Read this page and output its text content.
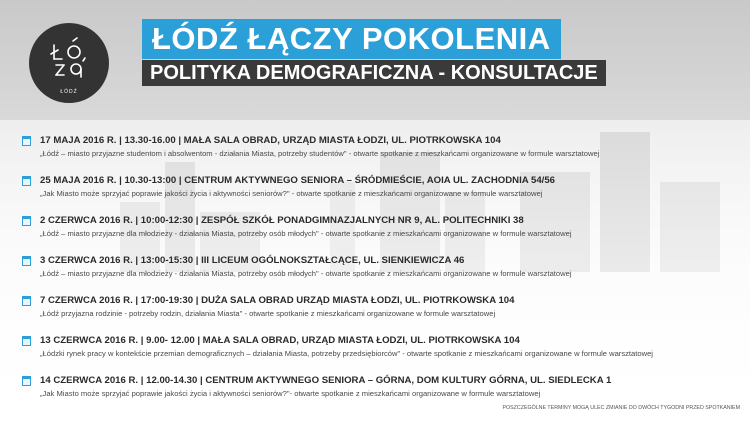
ŁÓDŹ
ŁÓDŹ ŁĄCZY POKOLENIA
POLITYKA DEMOGRAFICZNA - KONSULTACJE
17 MAJA 2016 R. | 13.30-16.00 | MAŁA SALA OBRAD, URZĄD MIASTA ŁODZI, UL. PIOTRKOWSKA 104
„Łódź – miasto przyjazne studentom i absolwentom - działania Miasta, potrzeby studentów" - otwarte spotkanie z mieszkańcami organizowane w formule warsztatowej
25 MAJA 2016 R. | 10.30-13:00 | CENTRUM AKTYWNEGO SENIORA – ŚRÓDMIEŚCIE, AOIA UL. ZACHODNIA 54/56
„Jak Miasto może sprzyjać poprawie jakości życia i aktywności seniorów?" - otwarte spotkanie z mieszkańcami organizowane w formule warsztatowej
2 CZERWCA 2016 R. | 10:00-12:30 | ZESPÓŁ SZKÓŁ PONADGIMNAZJALNYCH NR 9, AL. POLITECHNIKI 38
„Łódź – miasto przyjazne dla młodzieży - działania Miasta, potrzeby osób młodych" - otwarte spotkanie z mieszkańcami organizowane w formule warsztatowej
3 CZERWCA 2016 R. | 13:00-15:30 | III LICEUM OGÓLNOKSZTAŁCĄCE, UL. SIENKIEWICZA 46
„Łódź – miasto przyjazne dla młodzieży - działania Miasta, potrzeby osób młodych" - otwarte spotkanie z mieszkańcami organizowane w formule warsztatowej
7 CZERWCA 2016 R. | 17:00-19:30 | DUŻA SALA OBRAD URZĄD MIASTA ŁODZI, UL. PIOTRKOWSKA 104
„Łódź przyjazna rodzinie - potrzeby rodzin, działania Miasta" - otwarte spotkanie z mieszkańcami organizowane w formule warsztatowej
13 CZERWCA 2016 R. | 9.00- 12.00 | MAŁA SALA OBRAD, URZĄD MIASTA ŁODZI, UL. PIOTRKOWSKA 104
„Łódzki rynek pracy w kontekście przemian demograficznych – działania Miasta, potrzeby przedsiębiorców" - otwarte spotkanie z mieszkańcami organizowane w formule warsztatowej
14 CZERWCA 2016 R. | 12.00-14.30 | CENTRUM AKTYWNEGO SENIORA – GÓRNA, DOM KULTURY GÓRNA, UL. SIEDLECKA 1
„Jak Miasto może sprzyjać poprawie jakości życia i aktywności seniorów?"- otwarte spotkanie z mieszkańcami organizowane w formule warsztatowej
POSZCZEGÓLNE TERMINY MOGĄ ULEC ZMIANIE DO DWÓCH TYGODNI PRZED SPOTKANIEM
